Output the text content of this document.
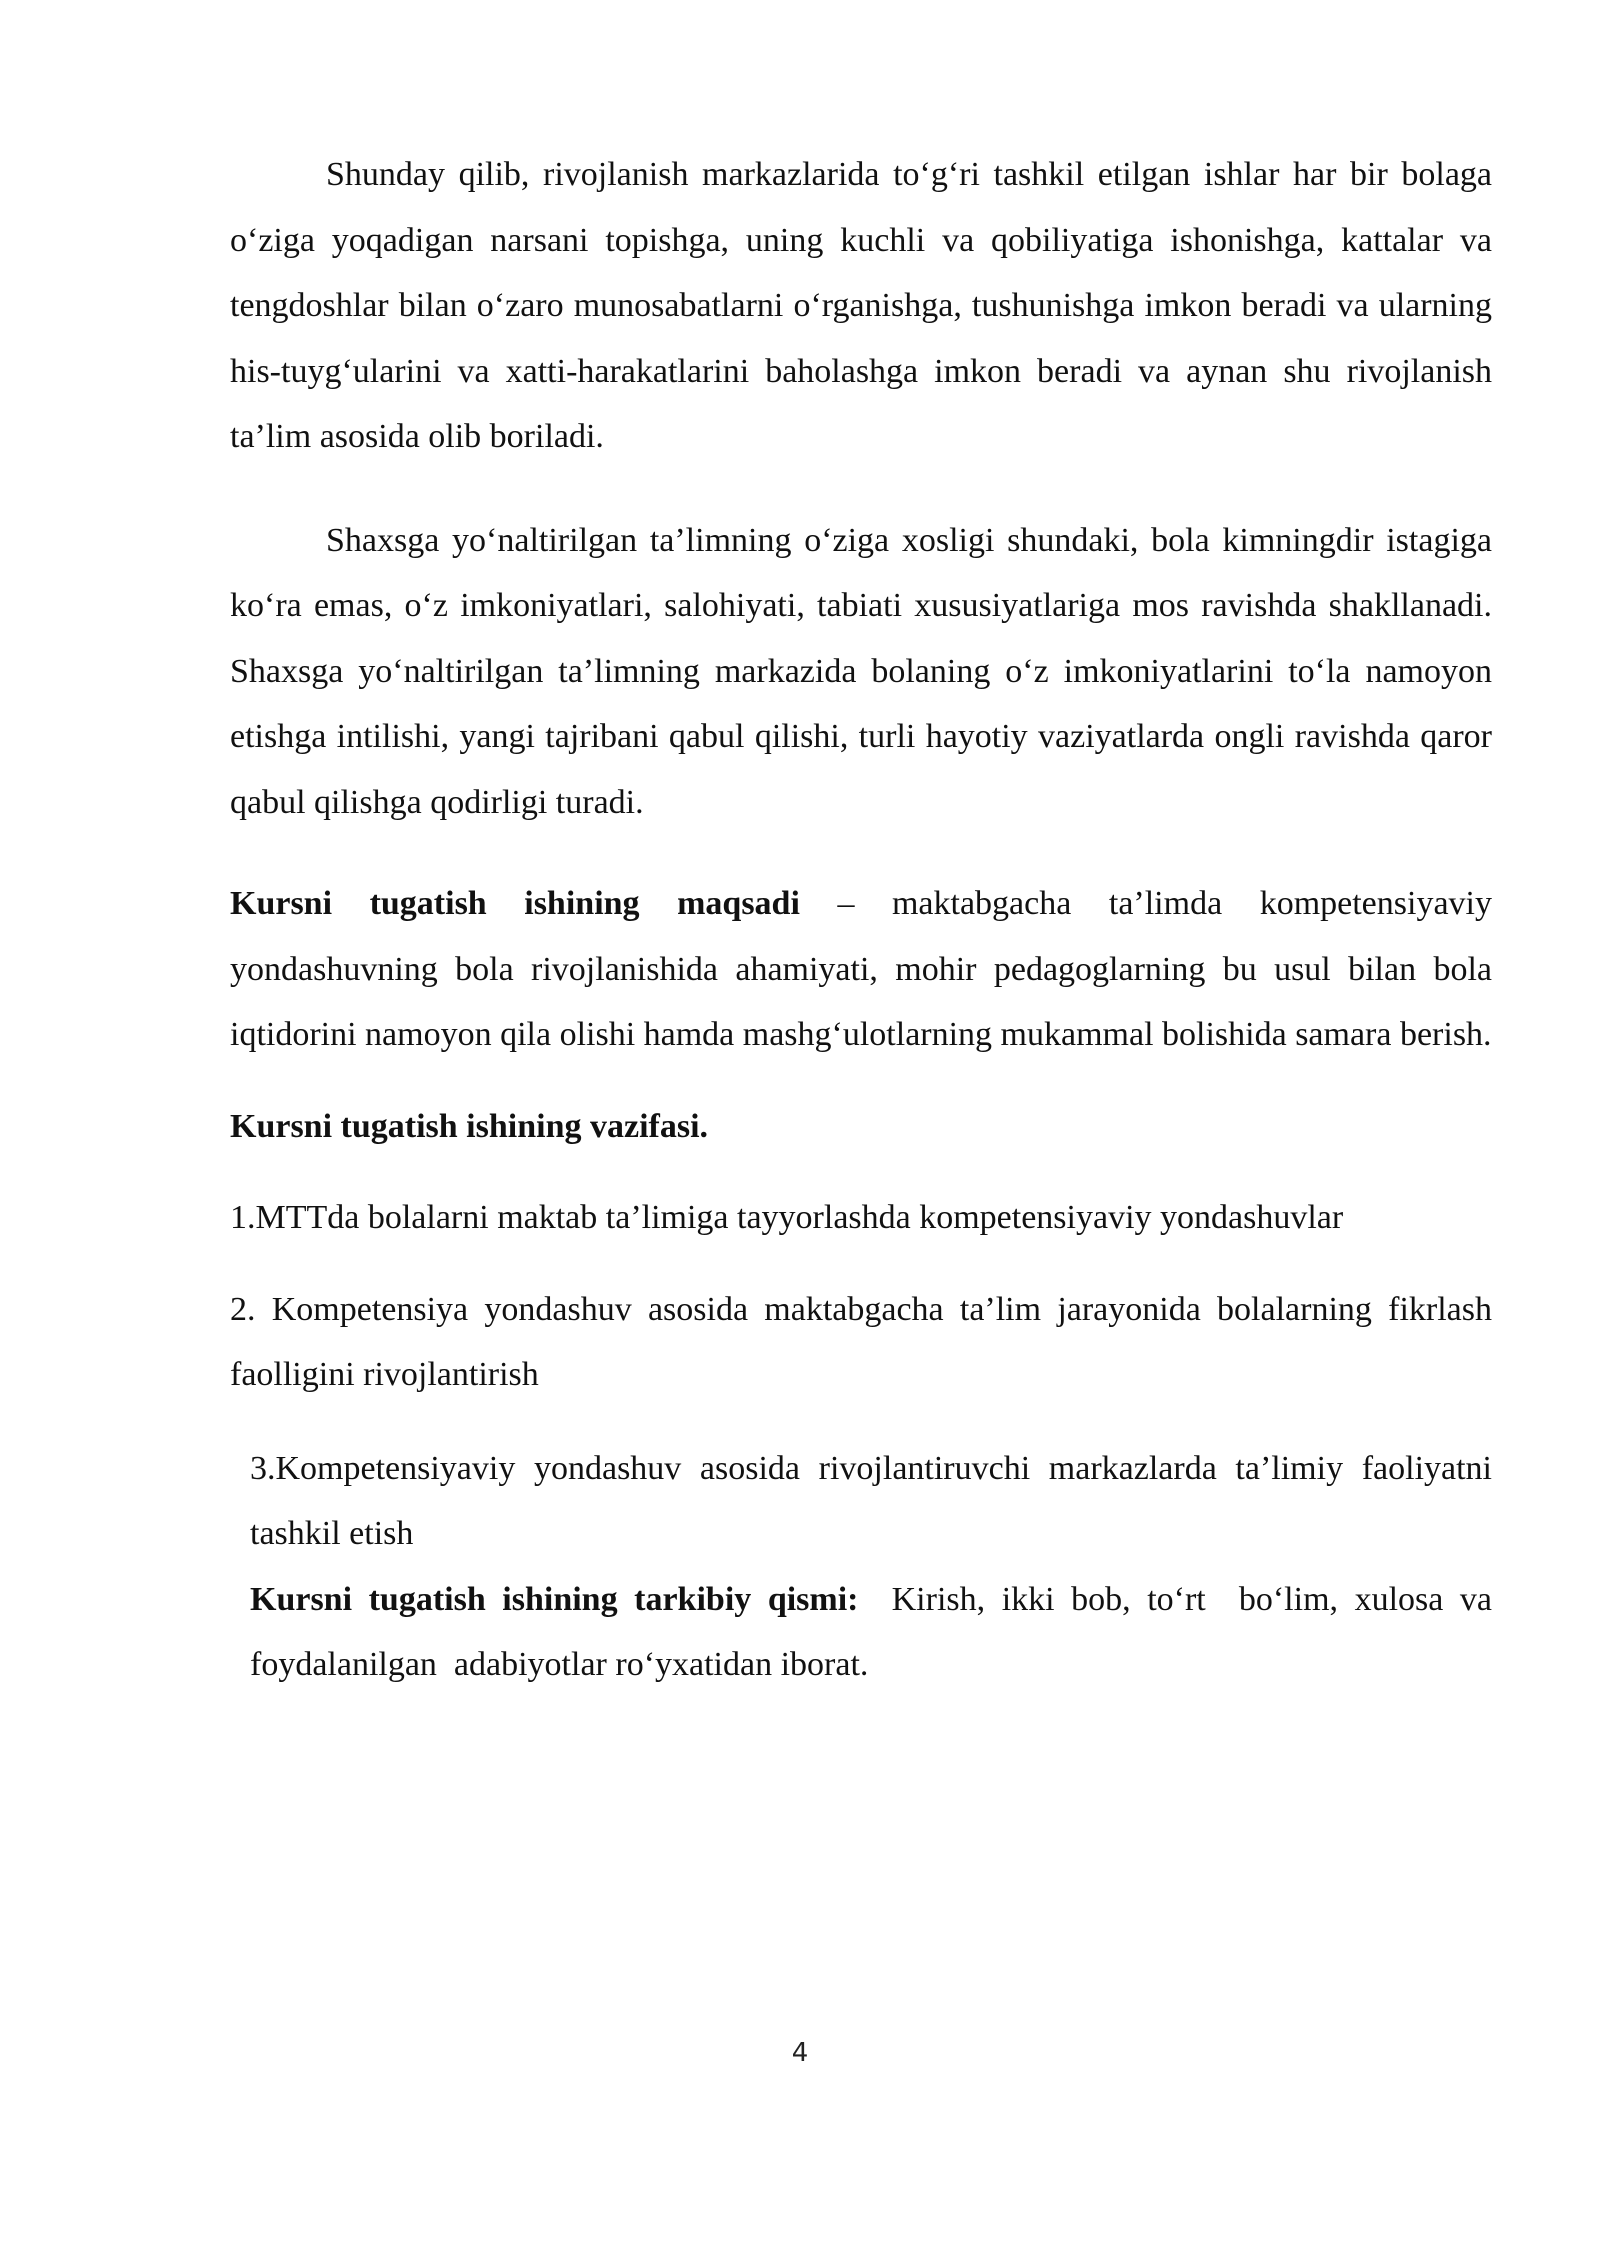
Shunday qilib, rivojlanish markazlarida to‘g‘ri tashkil etilgan ishlar har bir bolaga o‘ziga yoqadigan narsani topishga, uning kuchli va qobiliyatiga ishonishga, kattalar va tengdoshlar bilan o‘zaro munosabatlarni o‘rganishga, tushunishga imkon beradi va ularning his-tuyg‘ularini va xatti-harakatlarini baholashga imkon beradi va aynan shu rivojlanish ta’lim asosida olib boriladi.

Shaxsga yo‘naltirilgan ta’limning o‘ziga xosligi shundaki, bola kimningdir istagiga ko‘ra emas, o‘z imkoniyatlari, salohiyati, tabiati xususiyatlariga mos ravishda shakllanadi. Shaxsga yo‘naltirilgan ta’limning markazida bolaning o‘z imkoniyatlarini to‘la namoyon etishga intilishi, yangi tajribani qabul qilishi, turli hayotiy vaziyatlarda ongli ravishda qaror qabul qilishga qodirligi turadi.

Kursni tugatish ishining maqsadi – maktabgacha ta’limda kompetensiyaviy yondashuvning bola rivojlanishida ahamiyati, mohir pedagoglarning bu usul bilan bola iqtidorini namoyon qila olishi hamda mashg‘ulotlarning mukammal bolishida samara berish.

Kursni tugatish ishining vazifasi.

1.MTTda bolalarni maktab ta’limiga tayyorlashda kompetensiyaviy yondashuvlar

2. Kompetensiya yondashuv asosida maktabgacha ta’lim jarayonida bolalarning fikrlash faolligini rivojlantirish

3.Kompetensiyaviy yondashuv asosida rivojlantiruvchi markazlarda ta’limiy faoliyatni tashkil etish

Kursni tugatish ishining tarkibiy qismi:  Kirish, ikki bob, to‘rt  bo‘lim, xulosa va foydalanilgan  adabiyotlar ro‘yxatidan iborat.

4
